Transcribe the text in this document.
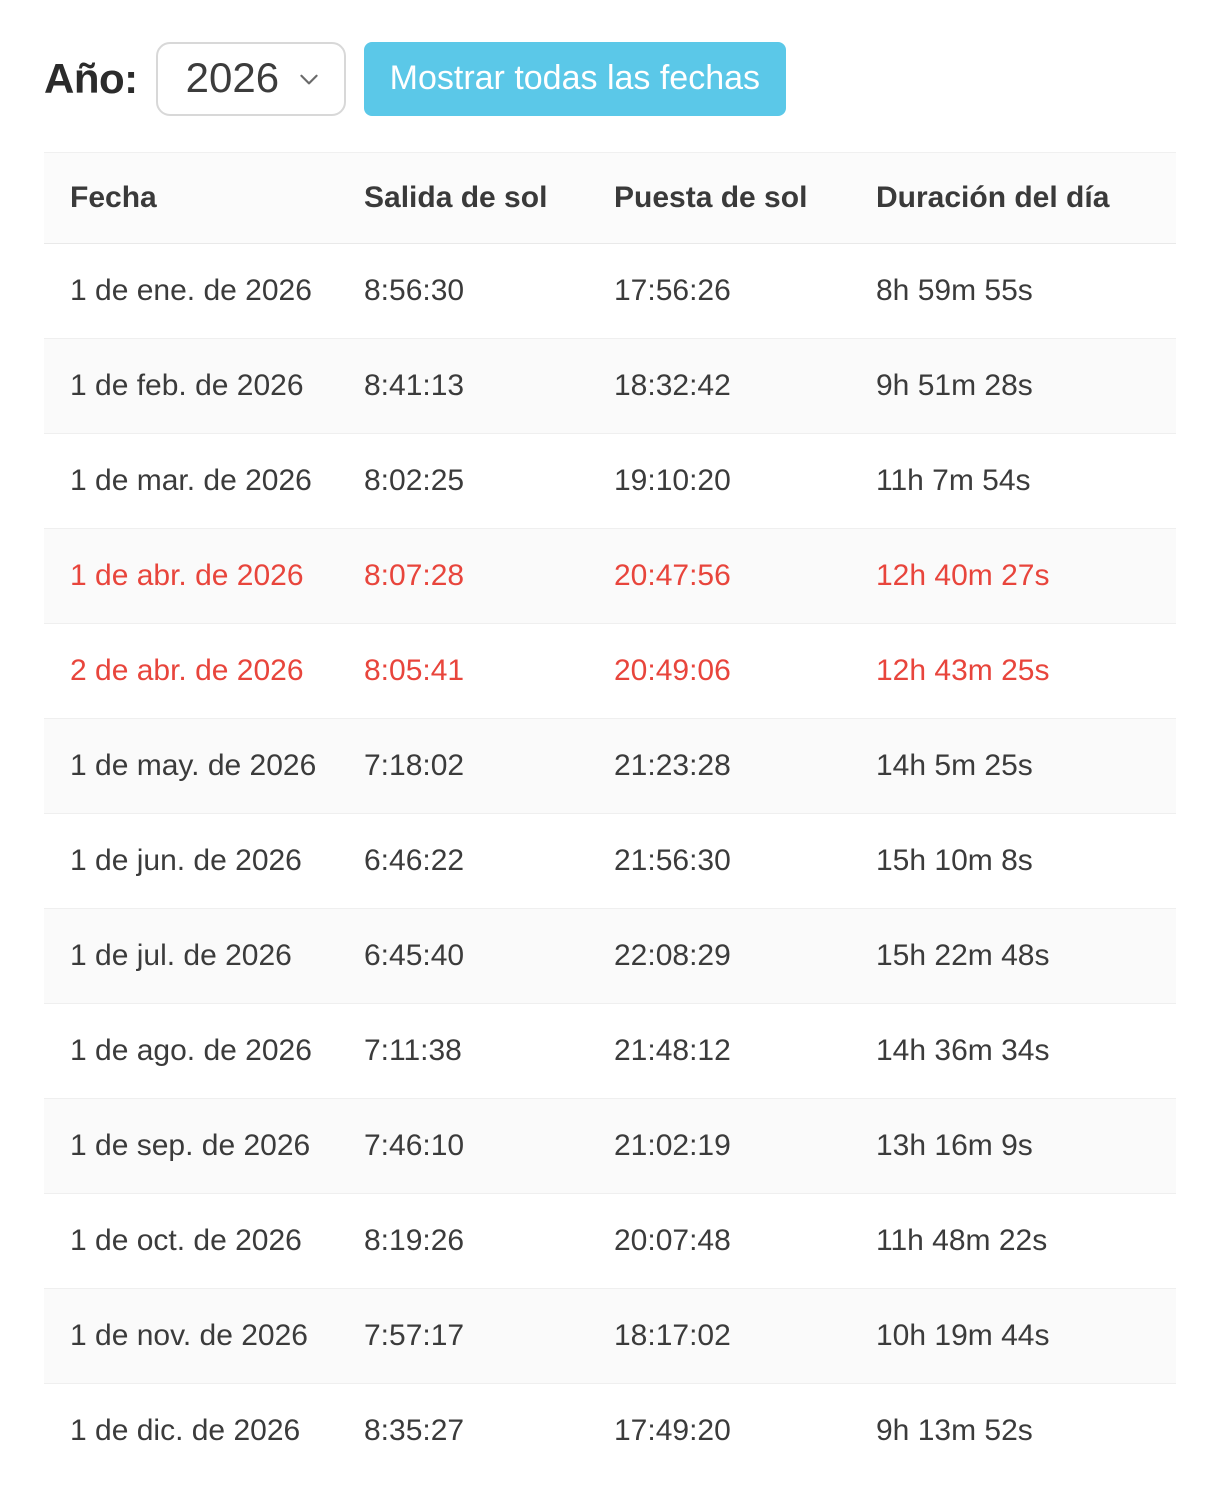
Año:
2026	Mostrar todas las fechas
Fecha	Salida de sol	Puesta de sol	Duración del día
1 de ene. de 2026	8:56:30	17:56:26	8h 59m 55s
1 de feb. de 2026	8:41:13	18:32:42	9h 51m 28s
1 de mar. de 2026	8:02:25	19:10:20	11h 7m 54s
1 de abr. de 2026	8:07:28	20:47:56	12h 40m 27s
2 de abr. de 2026	8:05:41	20:49:06	12h 43m 25s
1 de may. de 2026	7:18:02	21:23:28	14h 5m 25s
1 de jun. de 2026	6:46:22	21:56:30	15h 10m 8s
1 de jul. de 2026	6:45:40	22:08:29	15h 22m 48s
1 de ago. de 2026	7:11:38	21:48:12	14h 36m 34s
1 de sep. de 2026	7:46:10	21:02:19	13h 16m 9s
1 de oct. de 2026	8:19:26	20:07:48	11h 48m 22s
1 de nov. de 2026	7:57:17	18:17:02	10h 19m 44s
1 de dic. de 2026	8:35:27	17:49:20	9h 13m 52s
